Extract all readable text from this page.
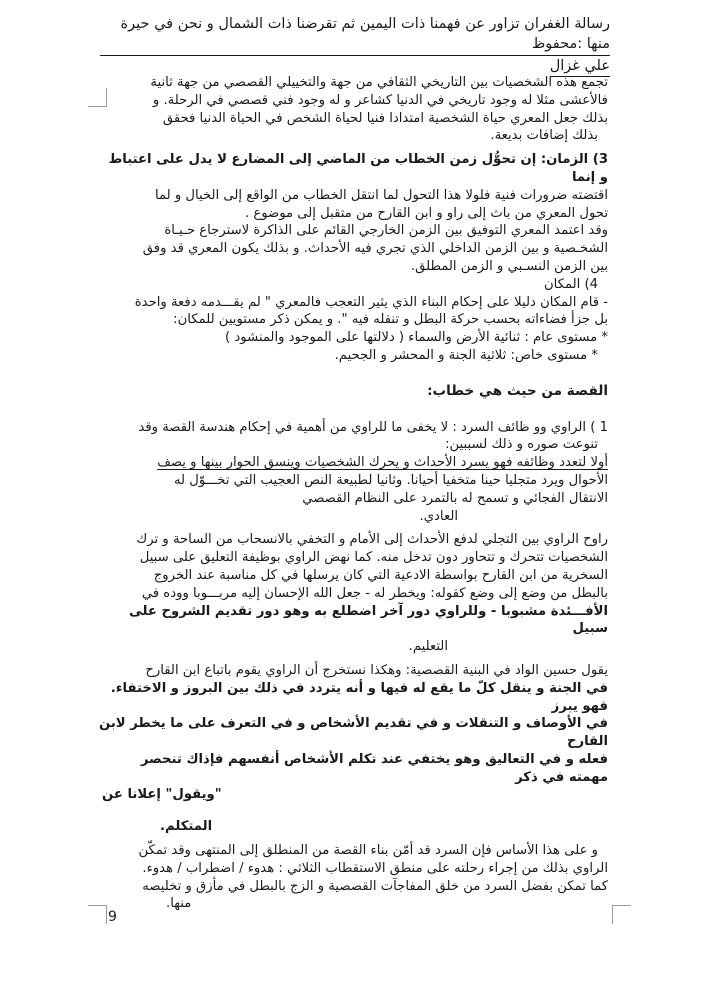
رسالة الغفران تزاور عن فهمنا ذات اليمين ثم تقرضنا ذات الشمال و نحن في حيرة منها :محفوظ
علي غزال

تجمع هذه الشخصيات بين التاريخي الثقافي من جهة والتخييلي القصصي من جهة ثانية

فالأعشى مثلا له وجود تاريخي في الدنيا كشاعر و له وجود فني قصصي في الرحلة. و

بذلك جعل المعري حياة الشخصية امتدادا فنيا لحياة الشخص في الحياة الدنيا فحقق

بذلك إضافات بديعة.

3) الزمان: إن تحوُّل زمن الخطاب من الماضي إلى المضارع لا يدل على اعتباط و إنما

اقتضته ضرورات فنية فلولا هذا التحول لما انتقل الخطاب من الواقع إلى الخيال و لما

تحول المعري من باث إلى راو و ابن القارح من متقبل إلى موضوع .

وقد اعتمد المعري التوفيق بين الزمن الخارجي القائم على الذاكرة لاسترجاع حـيـاة

الشخـصية و بين الزمن الداخلي الذي تجري فيه الأحداث. و بذلك يكون المعري قد وفق

بين الزمن النسـبي و الزمن المطلق.

4) المكان

- قام المكان دليلا على إحكام البناء الذي يثير التعجب فالمعري " لم يقـــدمه دفعة واحدة

بل جزأ فضاءاته بحسب حركة البطل و تنقله فيه ". و يمكن ذكر مستويين للمكان:

* مستوى عام : ثنائية الأرض والسماء ( دلالتها على الموجود والمنشود )

* مستوى خاص: ثلاثية الجنة و المحشر و الجحيم.

القصة من حيث هي خطاب:

1 ) الراوي وو ظائف السرد : لا يخفى ما للراوي من أهمية في إحكام هندسة القصة وقد

تنوعت صوره و ذلك لسببين:

أولا لتعدد وظائفه فهو يسرد الأحداث و يحرك الشخصيات وينسق الحوار بينها و يصف

الأحوال ويرد متجليا حينا متخفيا أحيانا. وثانيا لطبيعة النص العجيب التي تخـــوّل له

الانتقال الفجائي و تسمح له بالتمرد على النظام القصصي

العادي.

راوح الراوي بين التجلي لدفع الأحداث إلى الأمام و التخفي بالانسحاب من الساحة و ترك

الشخصيات تتحرك و تتحاور دون تدخل منه. كما نهض الراوي بوظيفة التعليق على سبيل

السخرية من ابن القارح بواسطة الادعية التي كان يرسلها في كل مناسبة عند الخروج

بالبطل من وضع إلى وضع كقوله: ويخطر له - جعل الله الإحسان إليه مربـــوبا ووده في

الأفـــئدة مشبوبا - وللراوي دور آخر اضطلع به وهو دور تقديم الشروح على سبيل

التعليم.

يقول حسين الواد في البنية القصصية: وهكذا نستخرج أن الراوي يقوم باتباع ابن القارح

في الجنة و ينقل كلّ ما يقع له فيها و أنه يتردد في ذلك بين البروز و الاختفاء. فهو يبرز

في الأوصاف و التنقلات و في تقديم الأشخاص و في التعرف على ما يخطر لابن القارح

فعله و في التعاليق وهو يختفي عند تكلم الأشخاص أنفسهم فإذاك تنحصر مهمته في ذكر

"ويقول" إعلانا عن

المتكلم.

و على هذا الأساس فإن السرد قد أمّن بناء القصة من المنطلق إلى المنتهى وقد تمكّن

الراوي بذلك من إجراء رحلته على منطق الاستقطاب الثلاثي : هدوء / اضطراب / هدوء.

كما تمكن بفضل السرد من خلق المفاجآت القصصية و الزج بالبطل في مأزق و تخليصه

منها.

9
